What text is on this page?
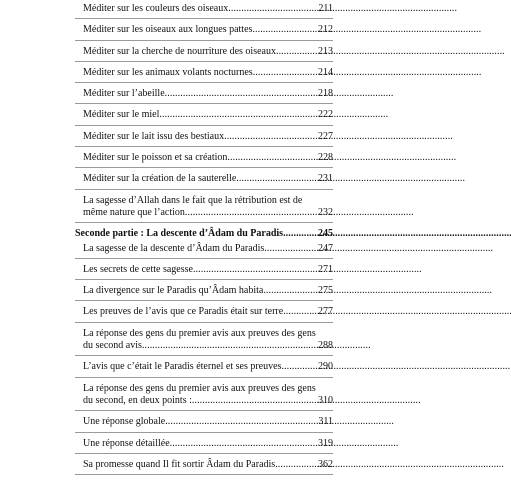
Méditer sur les couleurs des oiseaux . . .	211
Méditer sur les oiseaux aux longues pattes . . .	212
Méditer sur la cherche de nourriture des oiseaux . . .	213
Méditer sur les animaux volants nocturnes . . .	214
Méditer sur l’abeille . . .	218
Méditer sur le miel . . .	222
Méditer sur le lait issu des bestiaux . . .	227
Méditer sur le poisson et sa création . . .	228
Méditer sur la création de la sauterelle . . .	231
La sagesse d’Allah dans le fait que la rétribution est de
même nature que l’action . . .	232
Seconde partie : La descente d’Âdam du Paradis . . .	245
La sagesse de la descente d’Âdam du Paradis . . .	247
Les secrets de cette sagesse . . .	271
La divergence sur le Paradis qu’Âdam habita . . .	275
Les preuves de l’avis que ce Paradis était sur terre . . .	277
La réponse des gens du premier avis aux preuves des gens
du second avis . . .	288
L’avis que c’était le Paradis éternel et ses preuves . . .	290
La réponse des gens du premier avis aux preuves des gens
du second, en deux points : . . .	310
Une réponse globale . . .	311
Une réponse détaillée . . .	319
Sa promesse quand Il fit sortir Âdam du Paradis . . .	362
